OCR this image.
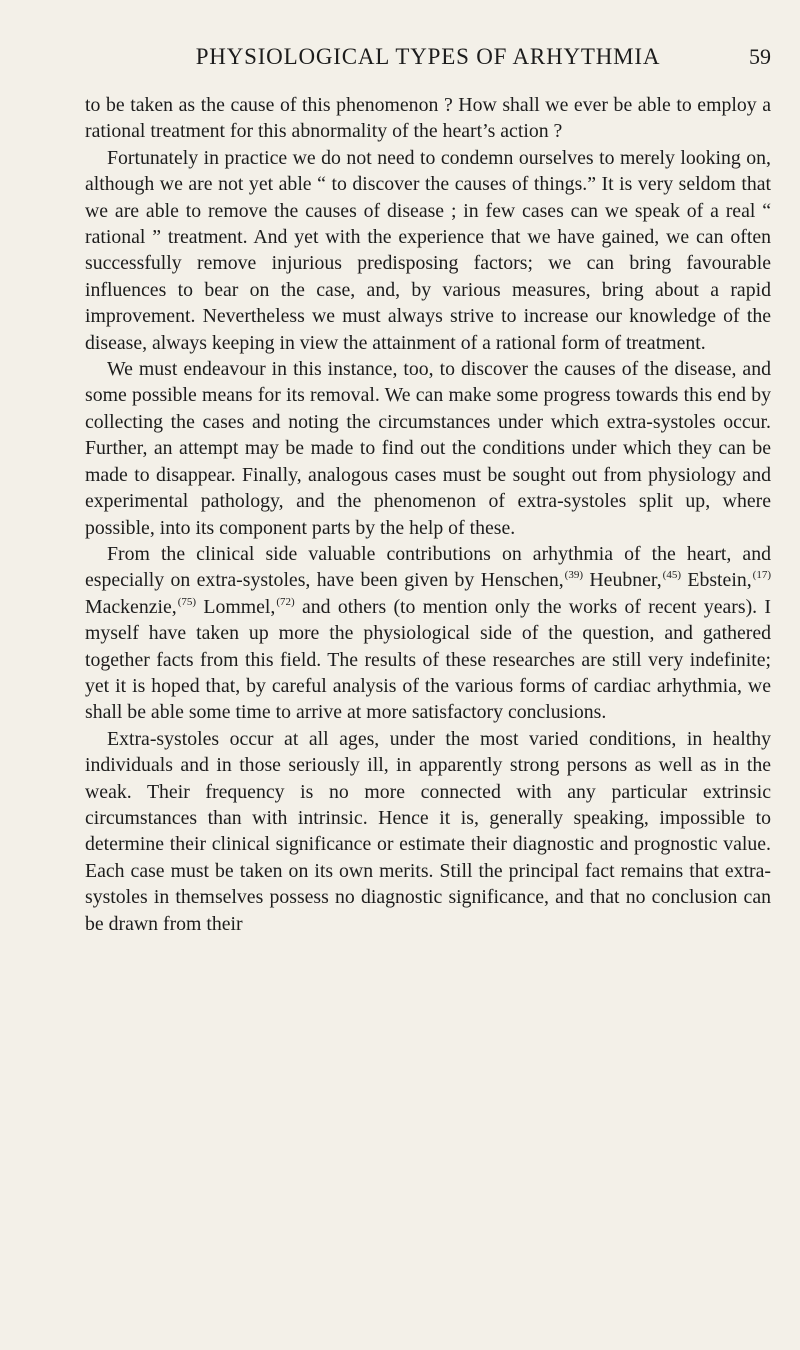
PHYSIOLOGICAL TYPES OF ARHYTHMIA	59

to be taken as the cause of this phenomenon ? How shall we ever be able to employ a rational treatment for this abnormality of the heart’s action ?

Fortunately in practice we do not need to condemn ourselves to merely looking on, although we are not yet able “ to discover the causes of things.” It is very seldom that we are able to remove the causes of disease ; in few cases can we speak of a real “ rational ” treatment. And yet with the experience that we have gained, we can often successfully remove injurious predisposing factors; we can bring favourable influences to bear on the case, and, by various measures, bring about a rapid improvement. Nevertheless we must always strive to increase our knowledge of the disease, always keeping in view the attainment of a rational form of treatment.

We must endeavour in this instance, too, to discover the causes of the disease, and some possible means for its removal. We can make some progress towards this end by collecting the cases and noting the circumstances under which extra-systoles occur. Further, an attempt may be made to find out the conditions under which they can be made to disappear. Finally, analogous cases must be sought out from physiology and experimental pathology, and the phenomenon of extra-systoles split up, where possible, into its component parts by the help of these.

From the clinical side valuable contributions on arhythmia of the heart, and especially on extra-systoles, have been given by Henschen,$^{(39)}$ Heubner,$^{(45)}$ Ebstein,$^{(17)}$ Mackenzie,$^{(75)}$ Lommel,$^{(72)}$ and others (to mention only the works of recent years). I myself have taken up more the physiological side of the question, and gathered together facts from this field. The results of these researches are still very indefinite; yet it is hoped that, by careful analysis of the various forms of cardiac arhythmia, we shall be able some time to arrive at more satisfactory conclusions.

Extra-systoles occur at all ages, under the most varied conditions, in healthy individuals and in those seriously ill, in apparently strong persons as well as in the weak. Their frequency is no more connected with any particular extrinsic circumstances than with intrinsic. Hence it is, generally speaking, impossible to determine their clinical significance or estimate their diagnostic and prognostic value. Each case must be taken on its own merits. Still the principal fact remains that extra-systoles in themselves possess no diagnostic significance, and that no conclusion can be drawn from their
